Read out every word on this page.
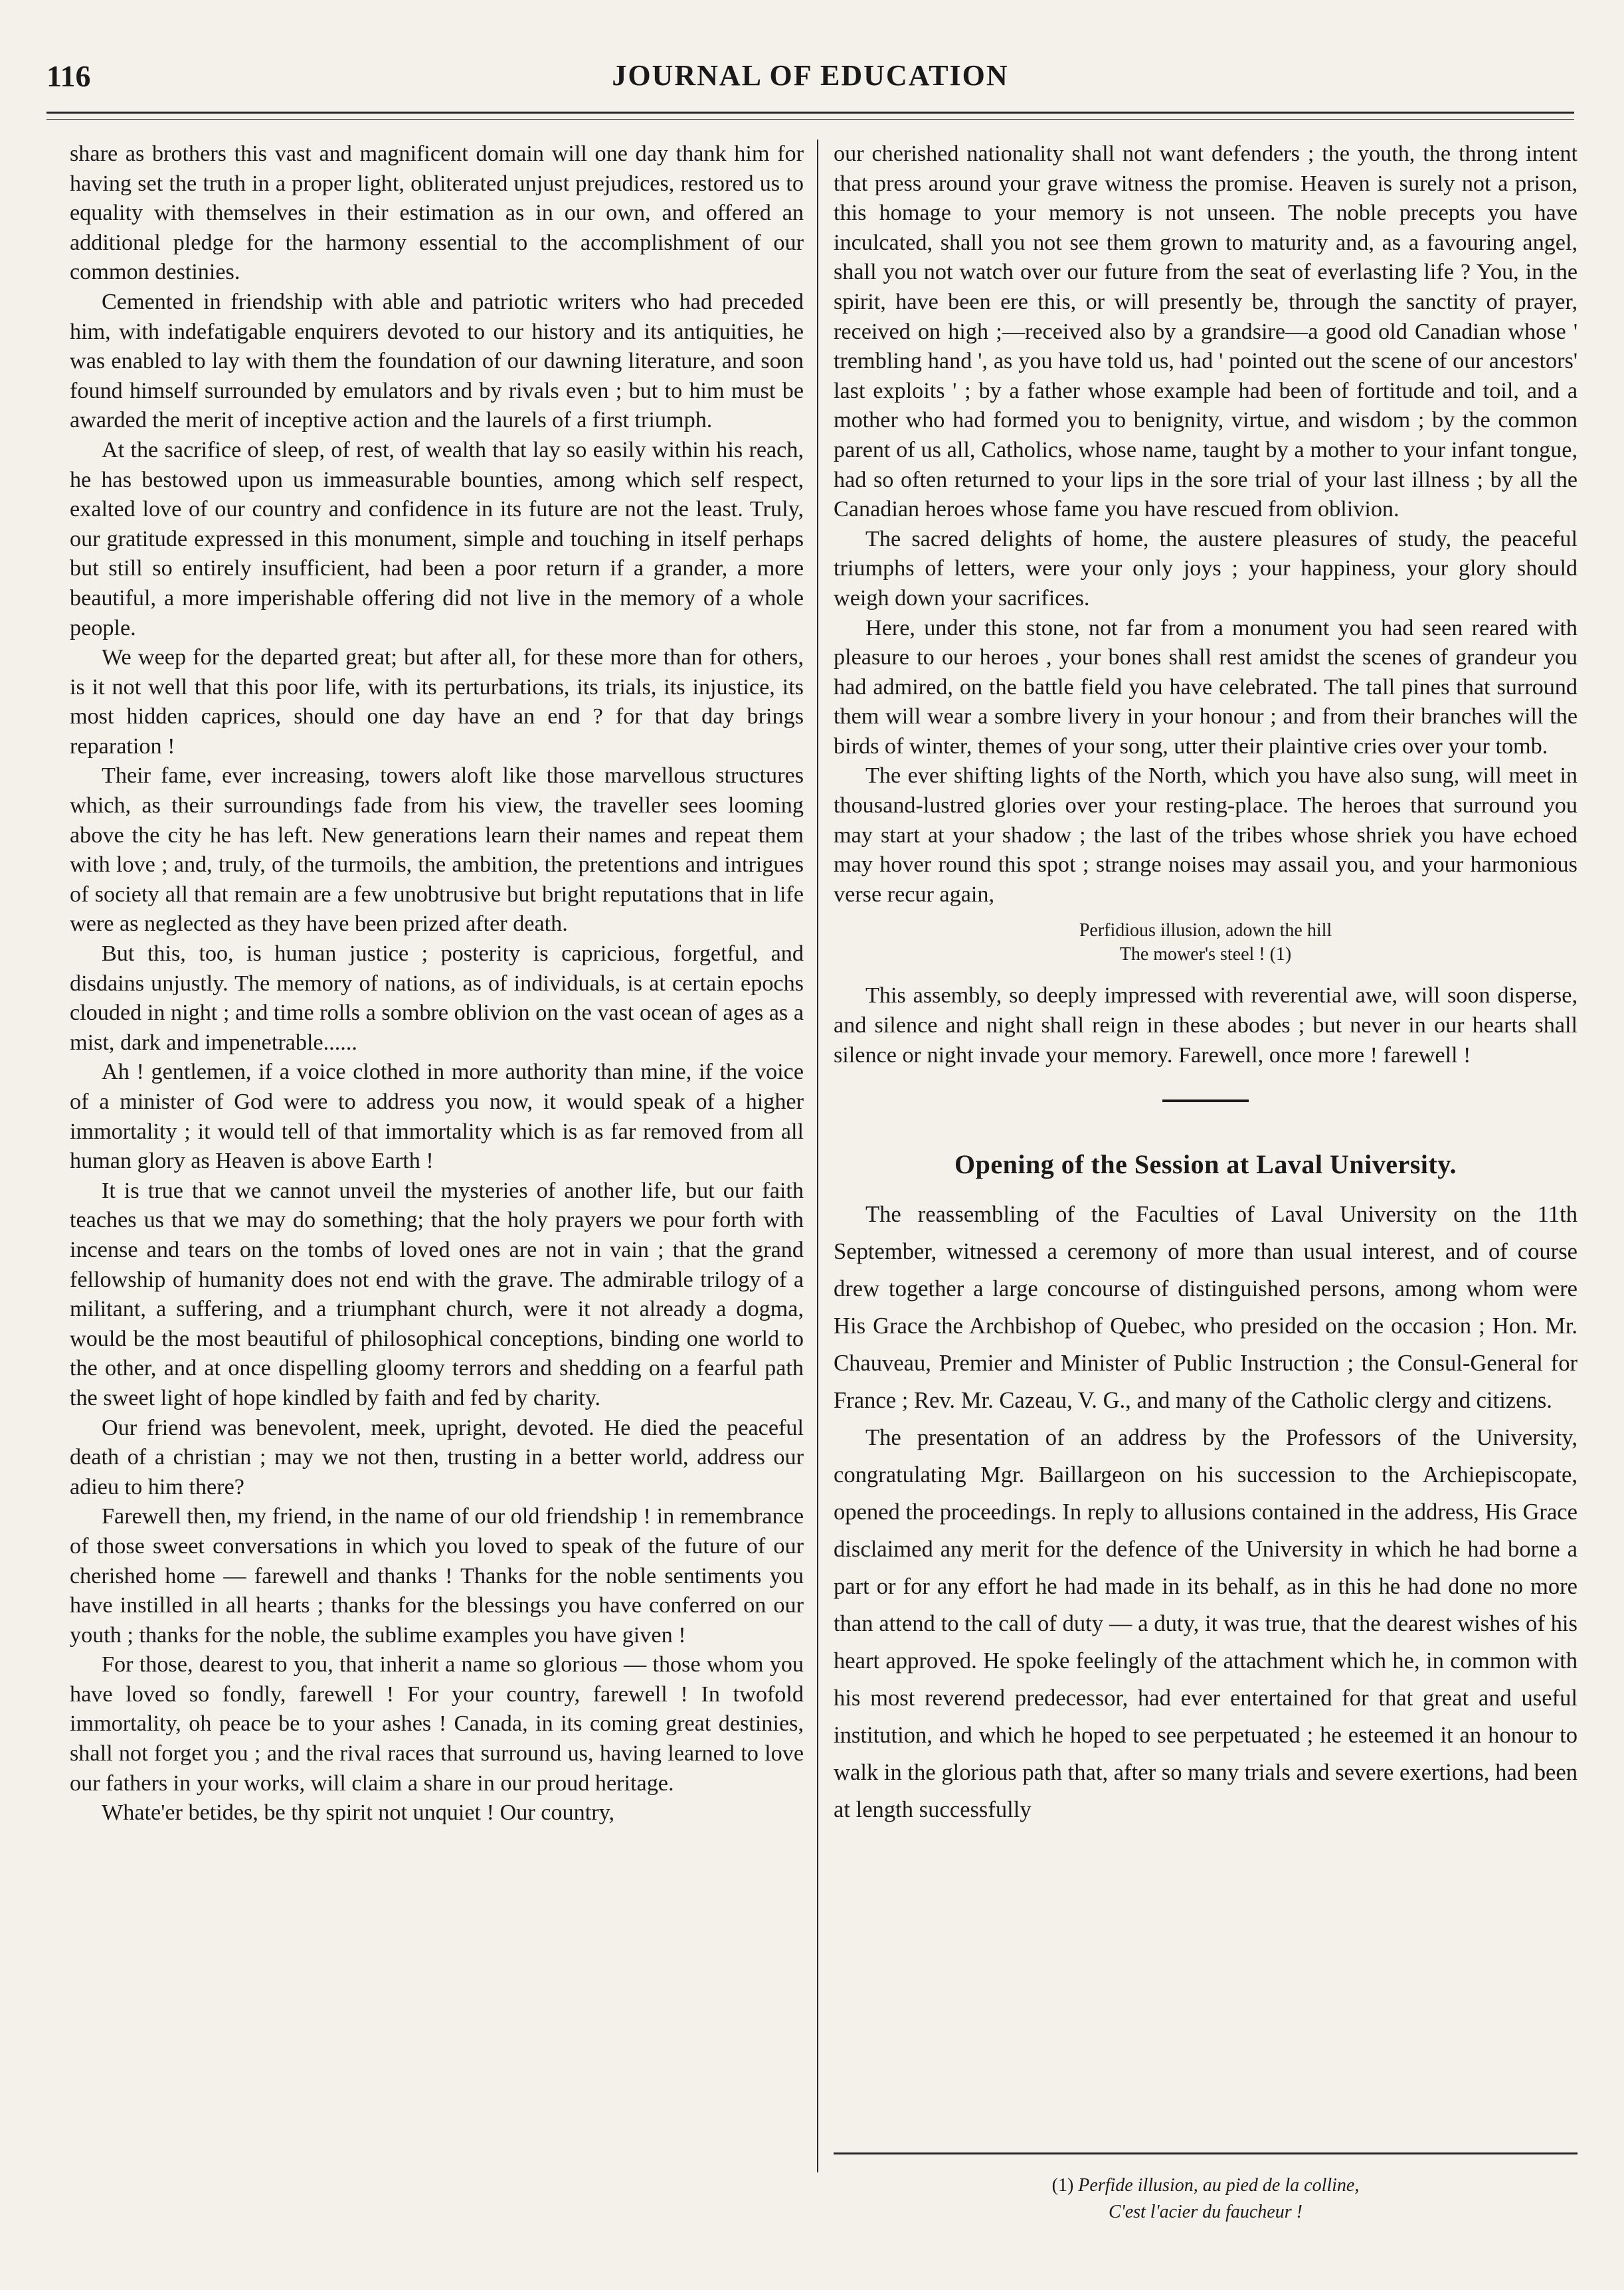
116	JOURNAL OF EDUCATION

share as brothers this vast and magnificent domain will one day thank him for having set the truth in a proper light, obliterated unjust prejudices, restored us to equality with themselves in their estimation as in our own, and offered an additional pledge for the harmony essential to the accomplishment of our common destinies.

Cemented in friendship with able and patriotic writers who had preceded him, with indefatigable enquirers devoted to our history and its antiquities, he was enabled to lay with them the foundation of our dawning literature, and soon found himself surrounded by emulators and by rivals even ; but to him must be awarded the merit of inceptive action and the laurels of a first triumph.

At the sacrifice of sleep, of rest, of wealth that lay so easily within his reach, he has bestowed upon us immeasurable bounties, among which self respect, exalted love of our country and confidence in its future are not the least. Truly, our gratitude expressed in this monument, simple and touching in itself perhaps but still so entirely insufficient, had been a poor return if a grander, a more beautiful, a more imperishable offering did not live in the memory of a whole people.

We weep for the departed great; but after all, for these more than for others, is it not well that this poor life, with its perturbations, its trials, its injustice, its most hidden caprices, should one day have an end ? for that day brings reparation !

Their fame, ever increasing, towers aloft like those marvellous structures which, as their surroundings fade from his view, the traveller sees looming above the city he has left. New generations learn their names and repeat them with love ; and, truly, of the turmoils, the ambition, the pretentions and intrigues of society all that remain are a few unobtrusive but bright reputations that in life were as neglected as they have been prized after death.

But this, too, is human justice ; posterity is capricious, forgetful, and disdains unjustly. The memory of nations, as of individuals, is at certain epochs clouded in night ; and time rolls a sombre oblivion on the vast ocean of ages as a mist, dark and impenetrable......

Ah ! gentlemen, if a voice clothed in more authority than mine, if the voice of a minister of God were to address you now, it would speak of a higher immortality ; it would tell of that immortality which is as far removed from all human glory as Heaven is above Earth !

It is true that we cannot unveil the mysteries of another life, but our faith teaches us that we may do something; that the holy prayers we pour forth with incense and tears on the tombs of loved ones are not in vain ; that the grand fellowship of humanity does not end with the grave. The admirable trilogy of a militant, a suffering, and a triumphant church, were it not already a dogma, would be the most beautiful of philosophical conceptions, binding one world to the other, and at once dispelling gloomy terrors and shedding on a fearful path the sweet light of hope kindled by faith and fed by charity.

Our friend was benevolent, meek, upright, devoted. He died the peaceful death of a christian ; may we not then, trusting in a better world, address our adieu to him there?

Farewell then, my friend, in the name of our old friendship ! in remembrance of those sweet conversations in which you loved to speak of the future of our cherished home — farewell and thanks ! Thanks for the noble sentiments you have instilled in all hearts ; thanks for the blessings you have conferred on our youth ; thanks for the noble, the sublime examples you have given !

For those, dearest to you, that inherit a name so glorious — those whom you have loved so fondly, farewell ! For your country, farewell ! In twofold immortality, oh peace be to your ashes ! Canada, in its coming great destinies, shall not forget you ; and the rival races that surround us, having learned to love our fathers in your works, will claim a share in our proud heritage.

Whate'er betides, be thy spirit not unquiet ! Our country,

our cherished nationality shall not want defenders ; the youth, the throng intent that press around your grave witness the promise. Heaven is surely not a prison, this homage to your memory is not unseen. The noble precepts you have inculcated, shall you not see them grown to maturity and, as a favouring angel, shall you not watch over our future from the seat of everlasting life ? You, in the spirit, have been ere this, or will presently be, through the sanctity of prayer, received on high ;—received also by a grandsire—a good old Canadian whose ' trembling hand ', as you have told us, had ' pointed out the scene of our ancestors' last exploits ' ; by a father whose example had been of fortitude and toil, and a mother who had formed you to benignity, virtue, and wisdom ; by the common parent of us all, Catholics, whose name, taught by a mother to your infant tongue, had so often returned to your lips in the sore trial of your last illness ; by all the Canadian heroes whose fame you have rescued from oblivion.

The sacred delights of home, the austere pleasures of study, the peaceful triumphs of letters, were your only joys ; your happiness, your glory should weigh down your sacrifices.

Here, under this stone, not far from a monument you had seen reared with pleasure to our heroes , your bones shall rest amidst the scenes of grandeur you had admired, on the battle field you have celebrated. The tall pines that surround them will wear a sombre livery in your honour ; and from their branches will the birds of winter, themes of your song, utter their plaintive cries over your tomb.

The ever shifting lights of the North, which you have also sung, will meet in thousand-lustred glories over your resting-place. The heroes that surround you may start at your shadow ; the last of the tribes whose shriek you have echoed may hover round this spot ; strange noises may assail you, and your harmonious verse recur again,

Perfidious illusion, adown the hill
The mower's steel ! (1)

This assembly, so deeply impressed with reverential awe, will soon disperse, and silence and night shall reign in these abodes ; but never in our hearts shall silence or night invade your memory. Farewell, once more ! farewell !

Opening of the Session at Laval University.

The reassembling of the Faculties of Laval University on the 11th September, witnessed a ceremony of more than usual interest, and of course drew together a large concourse of distinguished persons, among whom were His Grace the Archbishop of Quebec, who presided on the occasion ; Hon. Mr. Chauveau, Premier and Minister of Public Instruction ; the Consul-General for France ; Rev. Mr. Cazeau, V. G., and many of the Catholic clergy and citizens.

The presentation of an address by the Professors of the University, congratulating Mgr. Baillargeon on his succession to the Archiepiscopate, opened the proceedings. In reply to allusions contained in the address, His Grace disclaimed any merit for the defence of the University in which he had borne a part or for any effort he had made in its behalf, as in this he had done no more than attend to the call of duty — a duty, it was true, that the dearest wishes of his heart approved. He spoke feelingly of the attachment which he, in common with his most reverend predecessor, had ever entertained for that great and useful institution, and which he hoped to see perpetuated ; he esteemed it an honour to walk in the glorious path that, after so many trials and severe exertions, had been at length successfully

(1) Perfide illusion, au pied de la colline,
C'est l'acier du faucheur !
